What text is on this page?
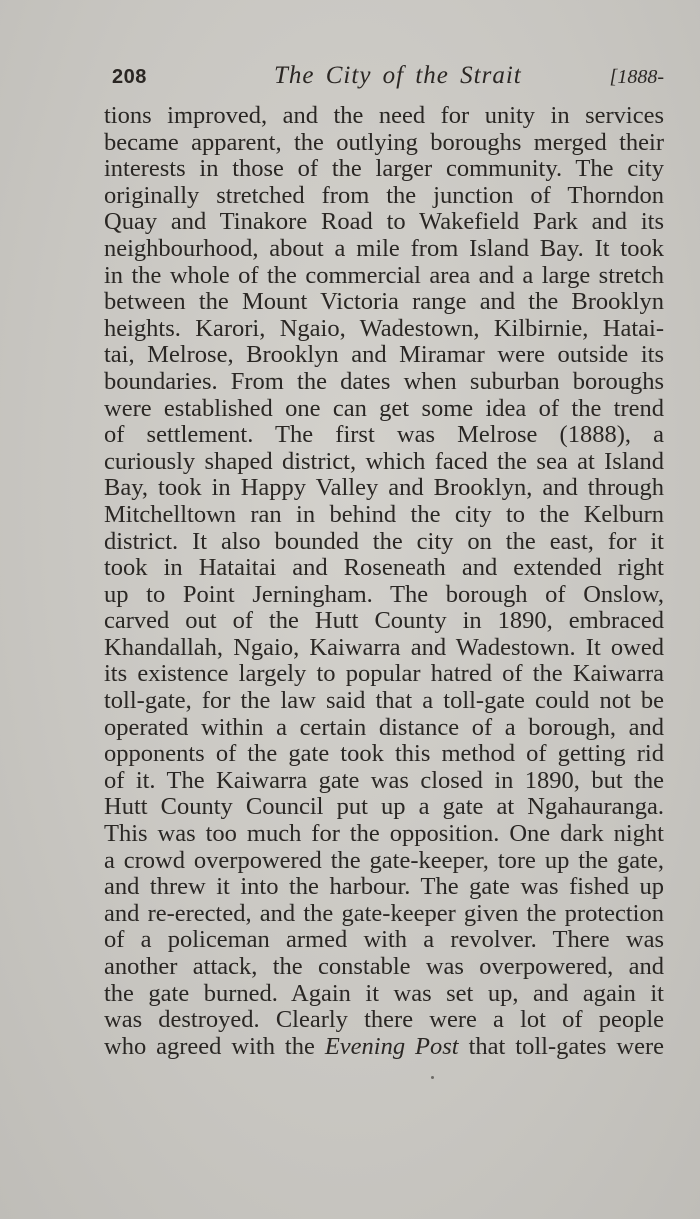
208	The City of the Strait	[1888-
tions improved, and the need for unity in services
became apparent, the outlying boroughs merged their
interests in those of the larger community. The city
originally stretched from the junction of Thorndon
Quay and Tinakore Road to Wakefield Park and its
neighbourhood, about a mile from Island Bay. It took
in the whole of the commercial area and a large stretch
between the Mount Victoria range and the Brooklyn
heights. Karori, Ngaio, Wadestown, Kilbirnie, Hatai-
tai, Melrose, Brooklyn and Miramar were outside its
boundaries. From the dates when suburban boroughs
were established one can get some idea of the trend
of settlement. The first was Melrose (1888), a
curiously shaped district, which faced the sea at Island
Bay, took in Happy Valley and Brooklyn, and through
Mitchelltown ran in behind the city to the Kelburn
district. It also bounded the city on the east, for it
took in Hataitai and Roseneath and extended right
up to Point Jerningham. The borough of Onslow,
carved out of the Hutt County in 1890, embraced
Khandallah, Ngaio, Kaiwarra and Wadestown. It owed
its existence largely to popular hatred of the Kaiwarra
toll-gate, for the law said that a toll-gate could not be
operated within a certain distance of a borough, and
opponents of the gate took this method of getting rid
of it. The Kaiwarra gate was closed in 1890, but the
Hutt County Council put up a gate at Ngahauranga.
This was too much for the opposition. One dark night
a crowd overpowered the gate-keeper, tore up the gate,
and threw it into the harbour. The gate was fished up
and re-erected, and the gate-keeper given the protection
of a policeman armed with a revolver. There was
another attack, the constable was overpowered, and
the gate burned. Again it was set up, and again it
was destroyed. Clearly there were a lot of people
who agreed with the Evening Post that toll-gates were
